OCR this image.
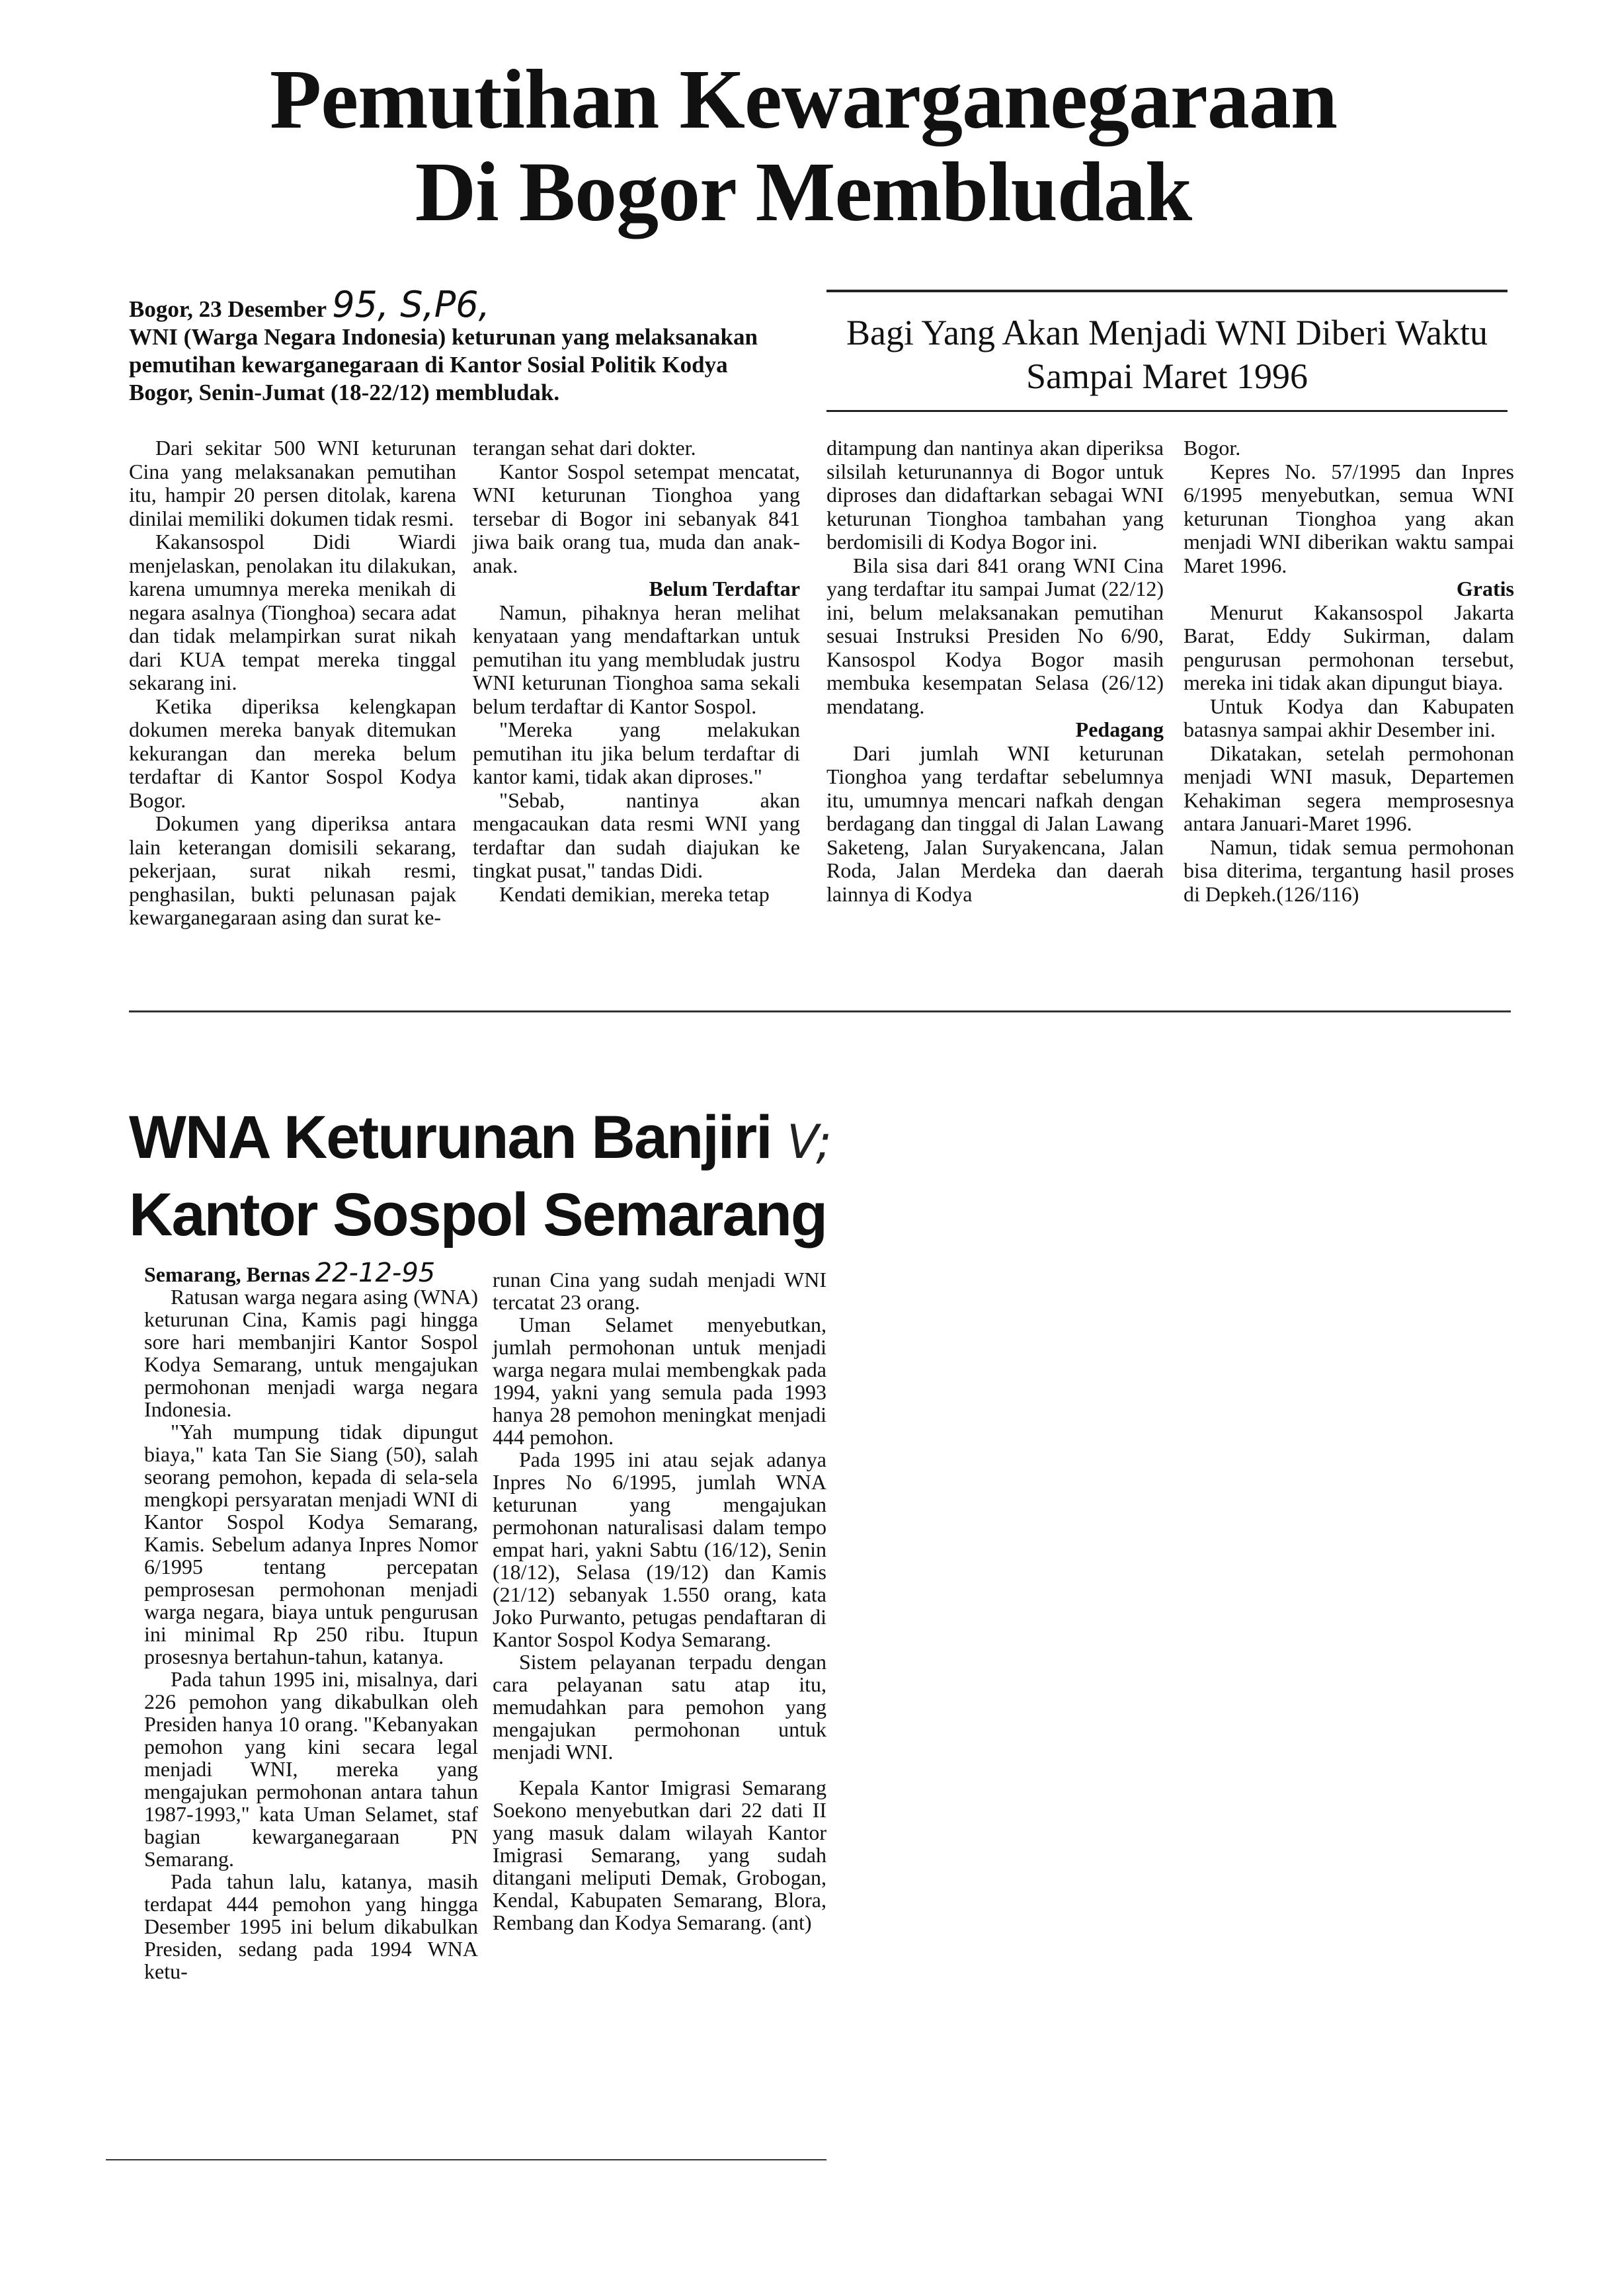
Pemutihan Kewarganegaraan
Di Bogor Membludak
Bogor, 23 Desember 95, S,P6,
WNI (Warga Negara Indonesia) keturunan yang melaksanakan pemutihan kewarganegaraan di Kantor Sosial Politik Kodya Bogor, Senin-Jumat (18-22/12) membludak.
Bagi Yang Akan Menjadi WNI Diberi Waktu Sampai Maret 1996

Dari sekitar 500 WNI keturunan Cina yang melaksanakan pemutihan itu, hampir 20 persen ditolak, karena dinilai memiliki dokumen tidak resmi.

Kakansospol Didi Wiardi menjelaskan, penolakan itu dilakukan, karena umumnya mereka menikah di negara asalnya (Tionghoa) secara adat dan tidak melampirkan surat nikah dari KUA tempat mereka tinggal sekarang ini.

Ketika diperiksa kelengkapan dokumen mereka banyak ditemukan kekurangan dan mereka belum terdaftar di Kantor Sospol Kodya Bogor.

Dokumen yang diperiksa antara lain keterangan domisili sekarang, pekerjaan, surat nikah resmi, penghasilan, bukti pelunasan pajak kewarganegaraan asing dan surat ke-

terangan sehat dari dokter.

Kantor Sospol setempat mencatat, WNI keturunan Tionghoa yang tersebar di Bogor ini sebanyak 841 jiwa baik orang tua, muda dan anak-anak.

Belum Terdaftar

Namun, pihaknya heran melihat kenyataan yang mendaftarkan untuk pemutihan itu yang membludak justru WNI keturunan Tionghoa sama sekali belum terdaftar di Kantor Sospol.

"Mereka yang melakukan pemutihan itu jika belum terdaftar di kantor kami, tidak akan diproses."

"Sebab, nantinya akan mengacaukan data resmi WNI yang terdaftar dan sudah diajukan ke tingkat pusat," tandas Didi.

Kendati demikian, mereka tetap

ditampung dan nantinya akan diperiksa silsilah keturunannya di Bogor untuk diproses dan didaftarkan sebagai WNI keturunan Tionghoa tambahan yang berdomisili di Kodya Bogor ini.

Bila sisa dari 841 orang WNI Cina yang terdaftar itu sampai Jumat (22/12) ini, belum melaksanakan pemutihan sesuai Instruksi Presiden No 6/90, Kansospol Kodya Bogor masih membuka kesempatan Selasa (26/12) mendatang.

Pedagang

Dari jumlah WNI keturunan Tionghoa yang terdaftar sebelumnya itu, umumnya mencari nafkah dengan berdagang dan tinggal di Jalan Lawang Saketeng, Jalan Suryakencana, Jalan Roda, Jalan Merdeka dan daerah lainnya di Kodya

Bogor.

Kepres No. 57/1995 dan Inpres 6/1995 menyebutkan, semua WNI keturunan Tionghoa yang akan menjadi WNI diberikan waktu sampai Maret 1996.

Gratis

Menurut Kakansospol Jakarta Barat, Eddy Sukirman, dalam pengurusan permohonan tersebut, mereka ini tidak akan dipungut biaya.

Untuk Kodya dan Kabupaten batasnya sampai akhir Desember ini.

Dikatakan, setelah permohonan menjadi WNI masuk, Departemen Kehakiman segera memprosesnya antara Januari-Maret 1996.

Namun, tidak semua permohonan bisa diterima, tergantung hasil proses di Depkeh.(126/116)

WNA Keturunan Banjiri V;
Kantor Sospol Semarang

Semarang, Bernas 22-12-95

Ratusan warga negara asing (WNA) keturunan Cina, Kamis pagi hingga sore hari membanjiri Kantor Sospol Kodya Semarang, untuk mengajukan permohonan menjadi warga negara Indonesia.

"Yah mumpung tidak dipungut biaya," kata Tan Sie Siang (50), salah seorang pemohon, kepada di sela-sela mengkopi persyaratan menjadi WNI di Kantor Sospol Kodya Semarang, Kamis. Sebelum adanya Inpres Nomor 6/1995 tentang percepatan pemprosesan permohonan menjadi warga negara, biaya untuk pengurusan ini minimal Rp 250 ribu. Itupun prosesnya bertahun-tahun, katanya.

Pada tahun 1995 ini, misalnya, dari 226 pemohon yang dikabulkan oleh Presiden hanya 10 orang. "Kebanyakan pemohon yang kini secara legal menjadi WNI, mereka yang mengajukan permohonan antara tahun 1987-1993," kata Uman Selamet, staf bagian kewarganegaraan PN Semarang.

Pada tahun lalu, katanya, masih terdapat 444 pemohon yang hingga Desember 1995 ini belum dikabulkan Presiden, sedang pada 1994 WNA ketu-

runan Cina yang sudah menjadi WNI tercatat 23 orang.

Uman Selamet menyebutkan, jumlah permohonan untuk menjadi warga negara mulai membengkak pada 1994, yakni yang semula pada 1993 hanya 28 pemohon meningkat menjadi 444 pemohon.

Pada 1995 ini atau sejak adanya Inpres No 6/1995, jumlah WNA keturunan yang mengajukan permohonan naturalisasi dalam tempo empat hari, yakni Sabtu (16/12), Senin (18/12), Selasa (19/12) dan Kamis (21/12) sebanyak 1.550 orang, kata Joko Purwanto, petugas pendaftaran di Kantor Sospol Kodya Semarang.

Sistem pelayanan terpadu dengan cara pelayanan satu atap itu, memudahkan para pemohon yang mengajukan permohonan untuk menjadi WNI.

Kepala Kantor Imigrasi Semarang Soekono menyebutkan dari 22 dati II yang masuk dalam wilayah Kantor Imigrasi Semarang, yang sudah ditangani meliputi Demak, Grobogan, Kendal, Kabupaten Semarang, Blora, Rembang dan Kodya Semarang. (ant)
